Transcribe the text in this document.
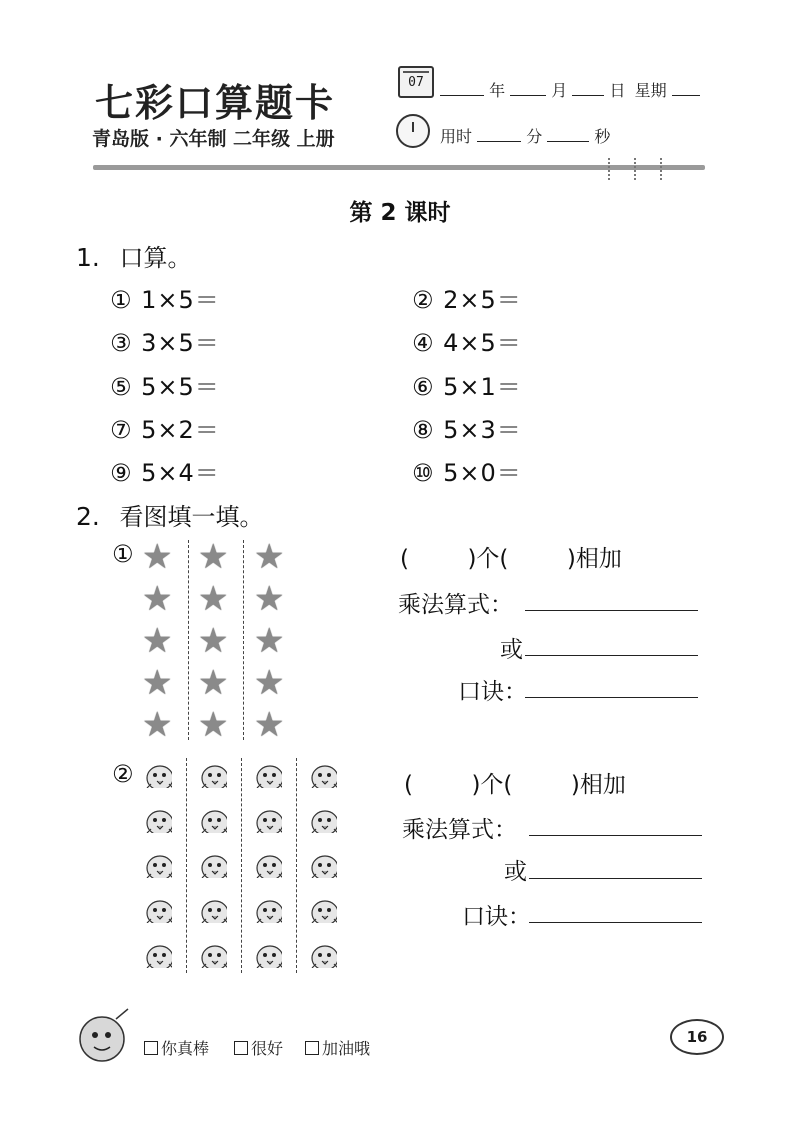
七彩口算题卡
青岛版 · 六年制 二年级 上册
07	年	月	日 星期
用时	分	秒
第 2 课时
1. 口算。
① 1×5＝	② 2×5＝
③ 3×5＝	④ 4×5＝
⑤ 5×5＝	⑥ 5×1＝
⑦ 5×2＝	⑧ 5×3＝
⑨ 5×4＝	⑩ 5×0＝
2. 看图填一填。
① ★ ★ ★
★ ★ ★
★ ★ ★
★ ★ ★
★ ★ ★
(        )个(        )相加
乘法算式：
或
口诀：
②	(        )个(        )相加
乘法算式：
或
口诀：
你真棒	很好	加油哦
16
